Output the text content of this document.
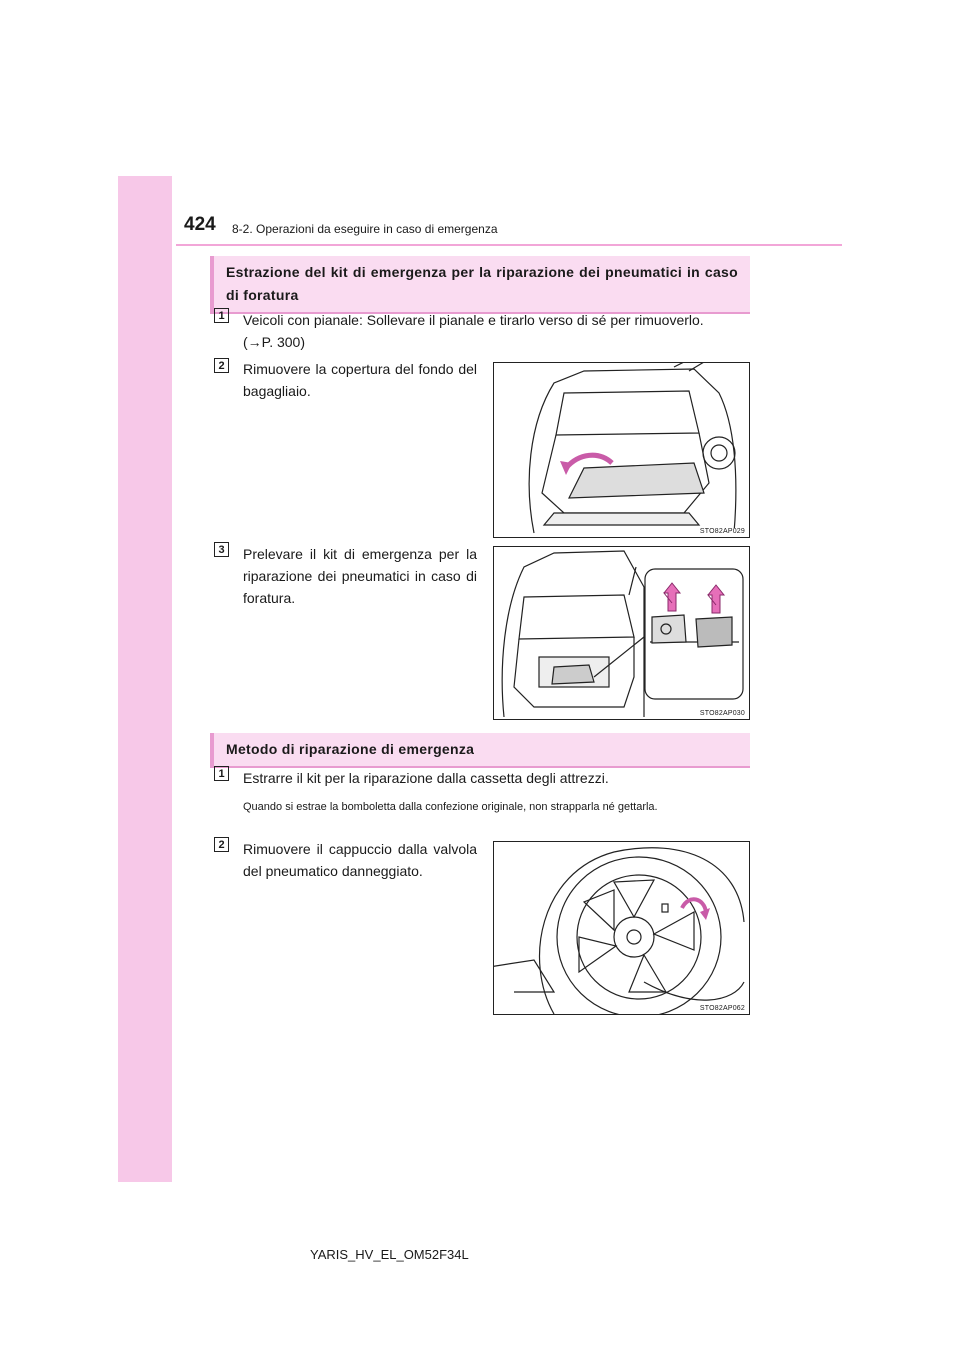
424 8-2. Operazioni da eseguire in caso di emergenza
Estrazione del kit di emergenza per la riparazione dei pneumatici in caso di foratura
1	Veicoli con pianale: Sollevare il pianale e tirarlo verso di sé per rimuoverlo.
(→P. 300)
2	Rimuovere la copertura del fondo del bagagliaio.
STO82AP029
3	Prelevare il kit di emergenza per la riparazione dei pneumatici in caso di foratura.
STO82AP030
Metodo di riparazione di emergenza
1	Estrarre il kit per la riparazione dalla cassetta degli attrezzi.
Quando si estrae la bomboletta dalla confezione originale, non strapparla né gettarla.
2	Rimuovere il cappuccio dalla valvola del pneumatico danneggiato.
STO82AP062
YARIS_HV_EL_OM52F34L
